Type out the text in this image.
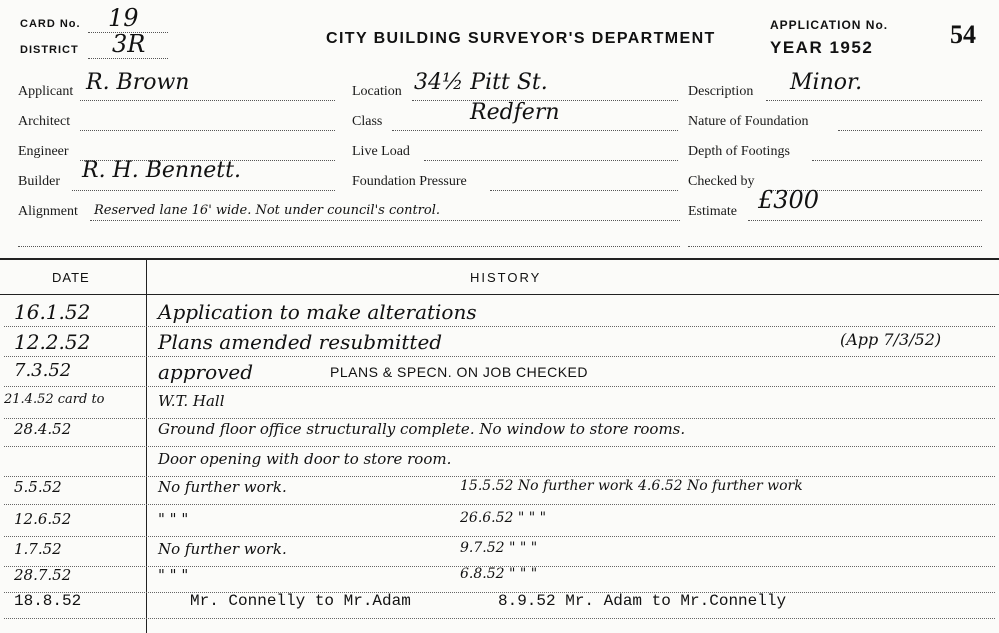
CARD No. 19
DISTRICT 3R	CITY BUILDING SURVEYOR'S DEPARTMENT
APPLICATION No.
YEAR 1952	54
Applicant R. Brown
Architect
Engineer
Builder R. H. Bennett.
Alignment Reserved lane 16' wide. Not under council's control.
Location 34½ Pitt St.
Class	Redfern
Live Load
Foundation Pressure
Description Minor.
Nature of Foundation
Depth of Footings
Checked by
Estimate £300
DATE	HISTORY
16.1.52	Application to make alterations
12.2.52	Plans amended resubmitted	(App 7/3/52)
7.3.52	approved	PLANS & SPECN. ON JOB CHECKED
21.4.52 card to	W.T. Hall
28.4.52	Ground floor office structurally complete. No window to store rooms.
Door opening with door to store room.
5.5.52	No further work.	15.5.52 No further work 4.6.52 No further work
12.6.52	" " "	26.6.52 " " "
1.7.52	No further work.	9.7.52 " " "
28.7.52	" " "	6.8.52 " " "
18.8.52	Mr. Connelly to Mr.Adam	8.9.52 Mr. Adam to Mr.Connelly
